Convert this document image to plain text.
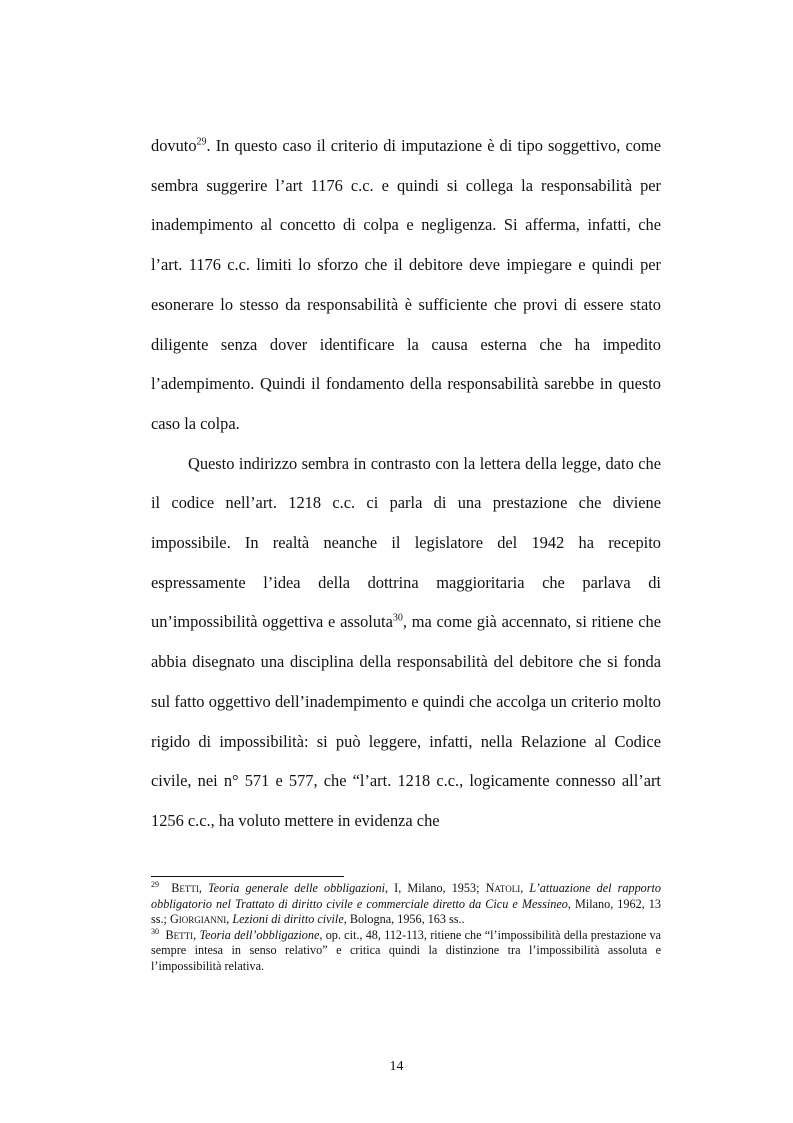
dovuto$^{29}$. In questo caso il criterio di imputazione è di tipo soggettivo, come sembra suggerire l’art 1176 c.c. e quindi si collega la responsabilità per inadempimento al concetto di colpa e negligenza. Si afferma, infatti, che l’art. 1176 c.c. limiti lo sforzo che il debitore deve impiegare e quindi per esonerare lo stesso da responsabilità è sufficiente che provi di essere stato diligente senza dover identificare la causa esterna che ha impedito l’adempimento. Quindi il fondamento della responsabilità sarebbe in questo caso la colpa.

Questo indirizzo sembra in contrasto con la lettera della legge, dato che il codice nell’art. 1218 c.c. ci parla di una prestazione che diviene impossibile. In realtà neanche il legislatore del 1942 ha recepito espressamente l’idea della dottrina maggioritaria che parlava di un’impossibilità oggettiva e assoluta$^{30}$, ma come già accennato, si ritiene che abbia disegnato una disciplina della responsabilità del debitore che si fonda sul fatto oggettivo dell’inadempimento e quindi che accolga un criterio molto rigido di impossibilità: si può leggere, infatti, nella Relazione al Codice civile, nei n° 571 e 577, che “l’art. 1218 c.c., logicamente connesso all’art 1256 c.c., ha voluto mettere in evidenza che

$^{29}$ Betti, Teoria generale delle obbligazioni, I, Milano, 1953; Natoli, L’attuazione del rapporto obbligatorio nel Trattato di diritto civile e commerciale diretto da Cicu e Messineo, Milano, 1962, 13 ss.; Giorgianni, Lezioni di diritto civile, Bologna, 1956, 163 ss..

$^{30}$ Betti, Teoria dell’obbligazione, op. cit., 48, 112-113, ritiene che “l’impossibilità della prestazione va sempre intesa in senso relativo” e critica quindi la distinzione tra l’impossibilità assoluta e l’impossibilità relativa.

14
